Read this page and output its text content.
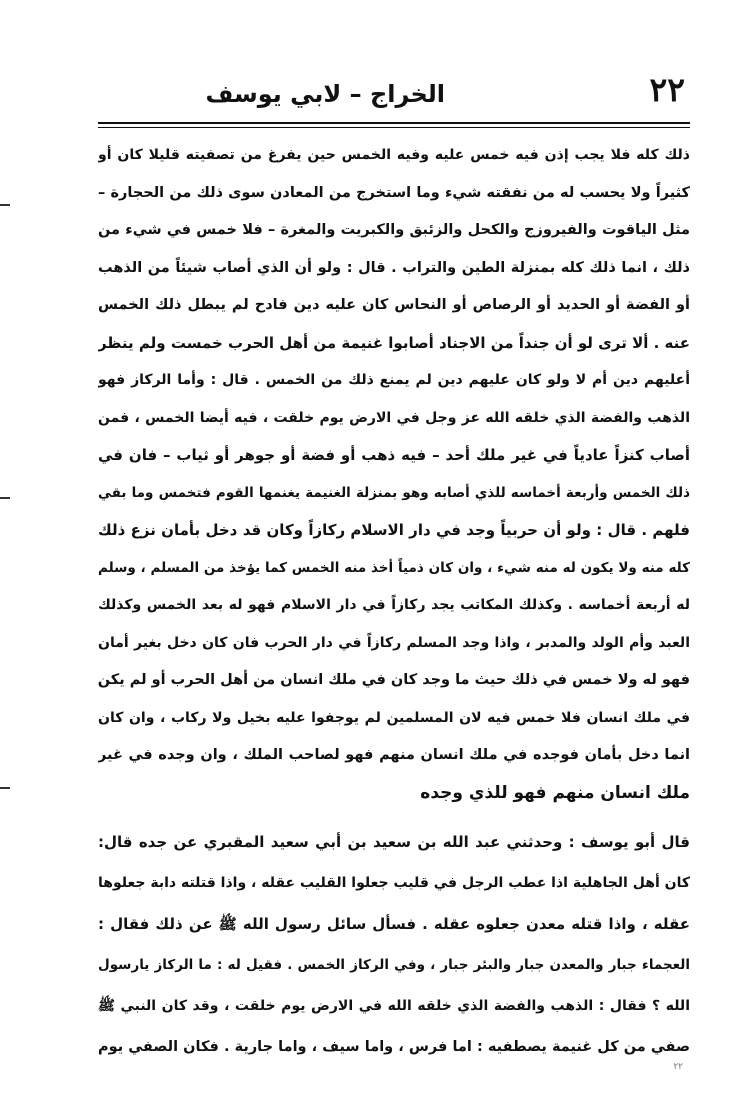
٢٢
الخراج – لابي يوسف
ذلك كله فلا يجب إذن فيه خمس عليه وفيه الخمس حين يفرغ من تصفيته قليلا كان أو
كثيراً ولا يحسب له من نفقته شيء وما استخرج من المعادن سوى ذلك من الحجارة –
مثل الياقوت والفيروزج والكحل والزئبق والكبريت والمغرة – فلا خمس في شيء من
ذلك ، انما ذلك كله بمنزلة الطين والتراب . قال : ولو أن الذي أصاب شيئاً من الذهب
أو الفضة أو الحديد أو الرصاص أو النحاس كان عليه دين فادح لم يبطل ذلك الخمس
عنه . ألا ترى لو أن جنداً من الاجناد أصابوا غنيمة من أهل الحرب خمست ولم ينظر
أعليهم دين أم لا ولو كان عليهم دين لم يمنع ذلك من الخمس . قال : وأما الركاز فهو
الذهب والفضة الذي خلقه الله عز وجل في الارض يوم خلقت ، فيه أيضا الخمس ، فمن
أصاب كنزاً عادياً في غير ملك أحد – فيه ذهب أو فضة أو جوهر أو ثياب – فان في
ذلك الخمس وأربعة أخماسه للذي أصابه وهو بمنزلة الغنيمة يغنمها القوم فتخمس وما بقي
فلهم . قال : ولو أن حربياً وجد في دار الاسلام ركازاً وكان قد دخل بأمان نزع ذلك
كله منه ولا يكون له منه شيء ، وان كان ذمياً أخذ منه الخمس كما يؤخذ من المسلم ، وسلم
له أربعة أخماسه . وكذلك المكاتب يجد ركازاً في دار الاسلام فهو له بعد الخمس وكذلك
العبد وأم الولد والمدبر ، واذا وجد المسلم ركازاً في دار الحرب فان كان دخل بغير أمان
فهو له ولا خمس في ذلك حيث ما وجد كان في ملك انسان من أهل الحرب أو لم يكن
في ملك انسان فلا خمس فيه لان المسلمين لم يوجفوا عليه بخيل ولا ركاب ، وان كان
انما دخل بأمان فوجده في ملك انسان منهم فهو لصاحب الملك ، وان وجده في غير
ملك انسان منهم فهو للذي وجده
قال أبو يوسف : وحدثني عبد الله بن سعيد بن أبي سعيد المقبري عن جده قال:
كان أهل الجاهلية اذا عطب الرجل في قليب جعلوا القليب عقله ، واذا قتلته دابة جعلوها
عقله ، واذا قتله معدن جعلوه عقله . فسأل سائل رسول الله ﷺ عن ذلك فقال :
العجماء جبار والمعدن جبار والبئر جبار ، وفي الركاز الخمس . فقيل له : ما الركاز يارسول
الله ؟ فقال : الذهب والفضة الذي خلقه الله في الارض يوم خلقت ، وقد كان النبي ﷺ
صفي من كل غنيمة يصطفيه : اما فرس ، واما سيف ، واما جارية . فكان الصفي يوم
٢٢
